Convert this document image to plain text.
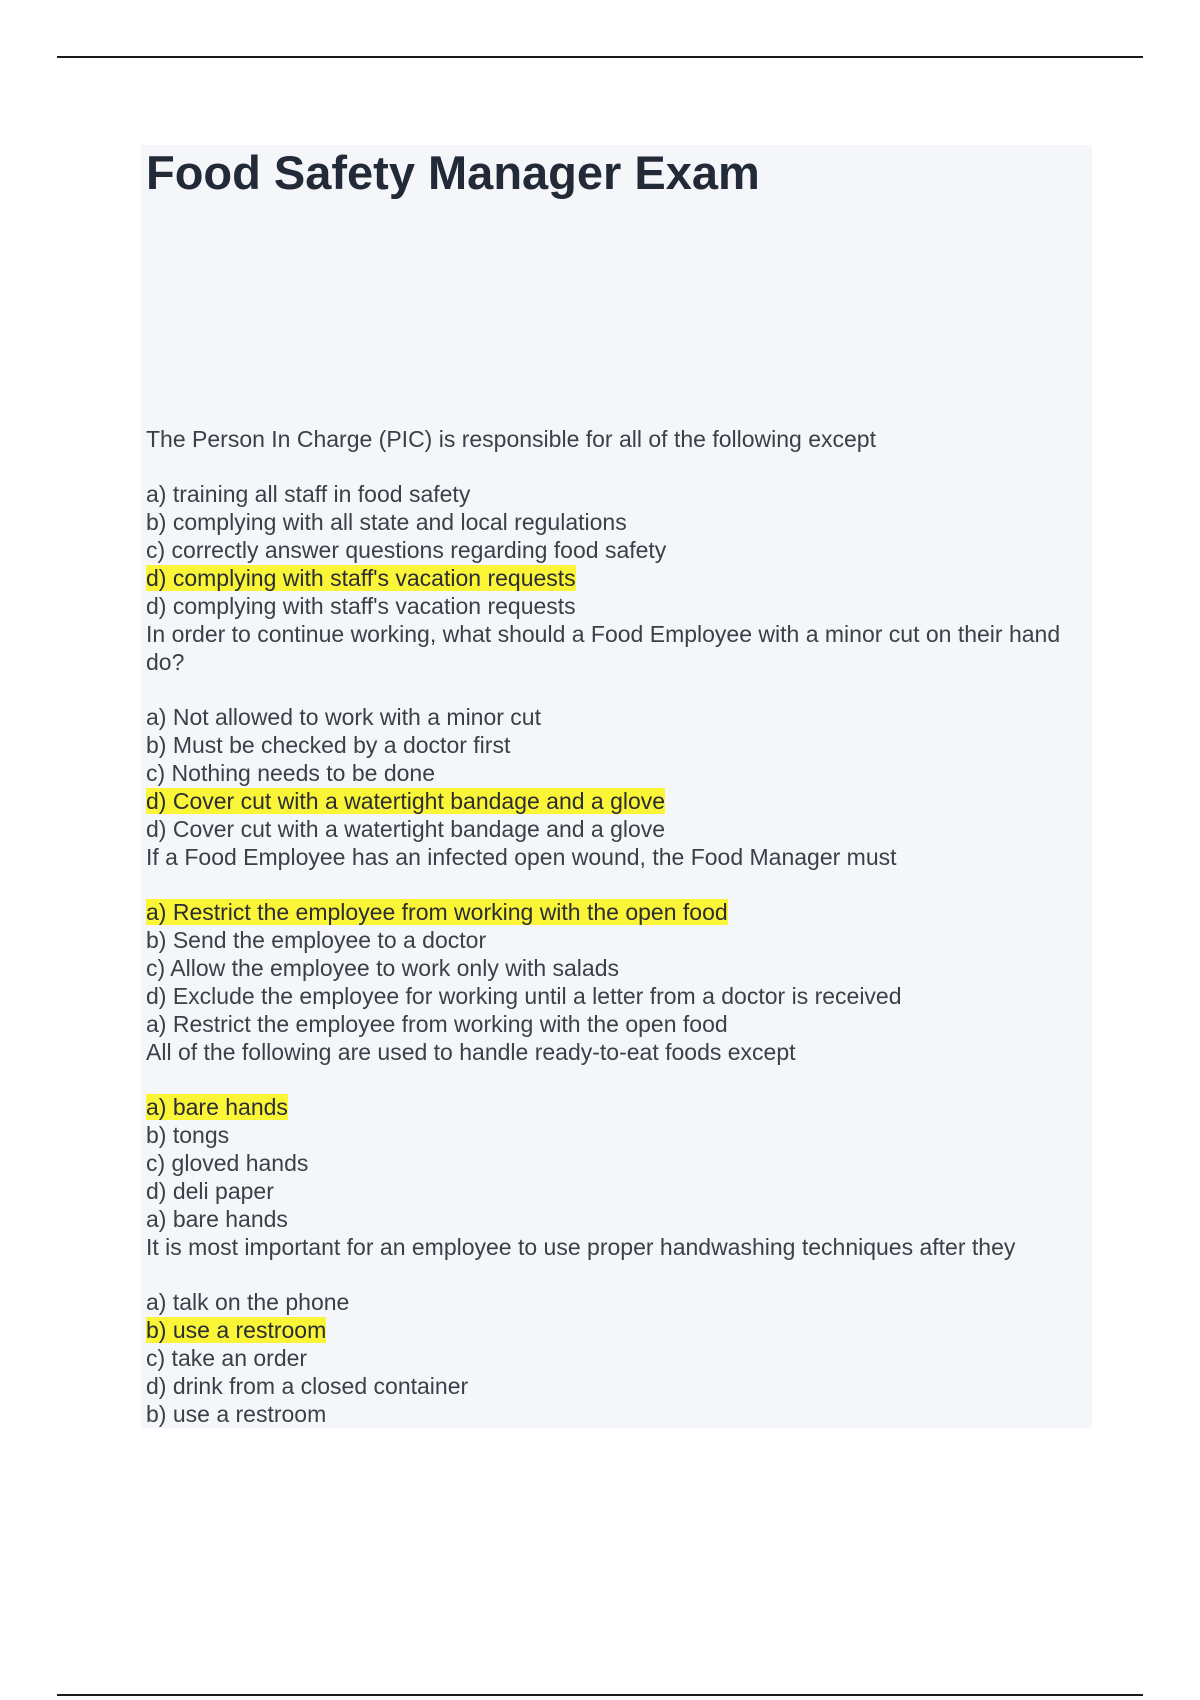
Food Safety Manager Exam
The Person In Charge (PIC) is responsible for all of the following except
a) training all staff in food safety
b) complying with all state and local regulations
c) correctly answer questions regarding food safety
d) complying with staff's vacation requests
d) complying with staff's vacation requests
In order to continue working, what should a Food Employee with a minor cut on their hand do?
a) Not allowed to work with a minor cut
b) Must be checked by a doctor first
c) Nothing needs to be done
d) Cover cut with a watertight bandage and a glove
d) Cover cut with a watertight bandage and a glove
If a Food Employee has an infected open wound, the Food Manager must
a) Restrict the employee from working with the open food
b) Send the employee to a doctor
c) Allow the employee to work only with salads
d) Exclude the employee for working until a letter from a doctor is received
a) Restrict the employee from working with the open food
All of the following are used to handle ready-to-eat foods except
a) bare hands
b) tongs
c) gloved hands
d) deli paper
a) bare hands
It is most important for an employee to use proper handwashing techniques after they
a) talk on the phone
b) use a restroom
c) take an order
d) drink from a closed container
b) use a restroom
